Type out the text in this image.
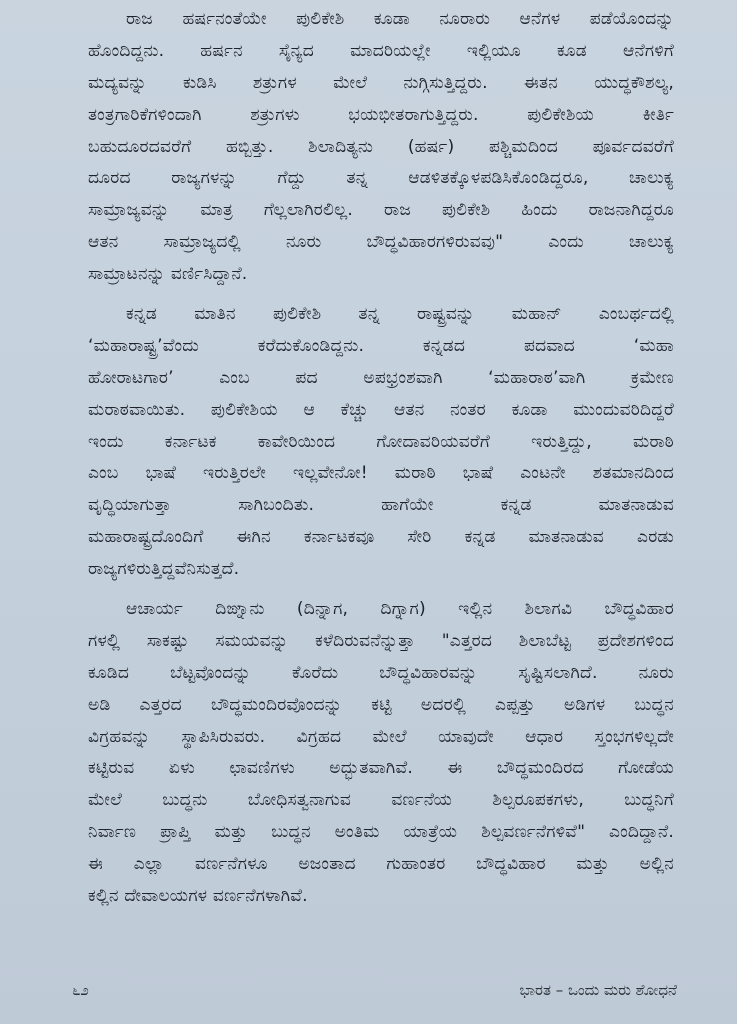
ರಾಜ ಹರ್ಷನಂತೆಯೇ ಪುಲಿಕೇಶಿ ಕೂಡಾ ನೂರಾರು ಆನೆಗಳ ಪಡೆಯೊಂದನ್ನು
ಹೊಂದಿದ್ದನು. ಹರ್ಷನ ಸೈನ್ಯದ ಮಾದರಿಯಲ್ಲೇ ಇಲ್ಲಿಯೂ ಕೂಡ ಆನೆಗಳಿಗೆ
ಮದ್ಯವನ್ನು ಕುಡಿಸಿ ಶತ್ರುಗಳ ಮೇಲೆ ನುಗ್ಗಿಸುತ್ತಿದ್ದರು. ಈತನ ಯುದ್ಧಕೌಶಲ್ಯ,
ತಂತ್ರಗಾರಿಕೆಗಳಿಂದಾಗಿ ಶತ್ರುಗಳು ಭಯಭೀತರಾಗುತ್ತಿದ್ದರು. ಪುಲಿಕೇಶಿಯ ಕೀರ್ತಿ
ಬಹುದೂರದವರೆಗೆ ಹಬ್ಬಿತ್ತು. ಶಿಲಾದಿತ್ಯನು (ಹರ್ಷ) ಪಶ್ಚಿಮದಿಂದ ಪೂರ್ವದವರೆಗೆ
ದೂರದ ರಾಜ್ಯಗಳನ್ನು ಗೆದ್ದು ತನ್ನ ಆಡಳಿತಕ್ಕೊಳಪಡಿಸಿಕೊಂಡಿದ್ದರೂ, ಚಾಲುಕ್ಯ
ಸಾಮ್ರಾಜ್ಯವನ್ನು ಮಾತ್ರ ಗೆಲ್ಲಲಾಗಿರಲಿಲ್ಲ. ರಾಜ ಪುಲಿಕೇಶಿ ಹಿಂದು ರಾಜನಾಗಿದ್ದರೂ
ಆತನ ಸಾಮ್ರಾಜ್ಯದಲ್ಲಿ ನೂರು ಬೌದ್ಧವಿಹಾರಗಳಿರುವವು" ಎಂದು ಚಾಲುಕ್ಯ
ಸಾಮ್ರಾಟನನ್ನು ವರ್ಣಿಸಿದ್ದಾನೆ.
ಕನ್ನಡ ಮಾತಿನ ಪುಲಿಕೇಶಿ ತನ್ನ ರಾಷ್ಟ್ರವನ್ನು ಮಹಾನ್ ಎಂಬರ್ಥದಲ್ಲಿ
‘ಮಹಾರಾಷ್ಟ್ರ’ವೆಂದು ಕರೆದುಕೊಂಡಿದ್ದನು. ಕನ್ನಡದ ಪದವಾದ ‘ಮಹಾ
ಹೋರಾಟಗಾರ’ ಎಂಬ ಪದ ಅಪಭ್ರಂಶವಾಗಿ ‘ಮಹಾರಾಠ’ವಾಗಿ ಕ್ರಮೇಣ
ಮರಾಠವಾಯಿತು. ಪುಲಿಕೇಶಿಯ ಆ ಕೆಚ್ಚು ಆತನ ನಂತರ ಕೂಡಾ ಮುಂದುವರಿದಿದ್ದರೆ
ಇಂದು ಕರ್ನಾಟಕ ಕಾವೇರಿಯಿಂದ ಗೋದಾವರಿಯವರೆಗೆ ಇರುತ್ತಿದ್ದು, ಮರಾಠಿ
ಎಂಬ ಭಾಷೆ ಇರುತ್ತಿರಲೇ ಇಲ್ಲವೇನೋ! ಮರಾಠಿ ಭಾಷೆ ಎಂಟನೇ ಶತಮಾನದಿಂದ
ವೃದ್ಧಿಯಾಗುತ್ತಾ ಸಾಗಿಬಂದಿತು. ಹಾಗೆಯೇ ಕನ್ನಡ ಮಾತನಾಡುವ
ಮಹಾರಾಷ್ಟ್ರದೊಂದಿಗೆ ಈಗಿನ ಕರ್ನಾಟಕವೂ ಸೇರಿ ಕನ್ನಡ ಮಾತನಾಡುವ ಎರಡು
ರಾಜ್ಯಗಳಿರುತ್ತಿದ್ದವೆನಿಸುತ್ತದೆ.
ಆಚಾರ್ಯ ದಿಙ್ನಾನು (ದಿನ್ನಾಗ, ದಿಗ್ನಾಗ) ಇಲ್ಲಿನ ಶಿಲಾಗವಿ ಬೌದ್ಧವಿಹಾರ
ಗಳಲ್ಲಿ ಸಾಕಷ್ಟು ಸಮಯವನ್ನು ಕಳೆದಿರುವನೆನ್ನುತ್ತಾ "ಎತ್ತರದ ಶಿಲಾಬೆಟ್ಟ ಪ್ರದೇಶಗಳಿಂದ
ಕೂಡಿದ ಬೆಟ್ಟವೊಂದನ್ನು ಕೊರೆದು ಬೌದ್ಧವಿಹಾರವನ್ನು ಸೃಷ್ಟಿಸಲಾಗಿದೆ. ನೂರು
ಅಡಿ ಎತ್ತರದ ಬೌದ್ಧಮಂದಿರವೊಂದನ್ನು ಕಟ್ಟಿ ಅದರಲ್ಲಿ ಎಪ್ಪತ್ತು ಅಡಿಗಳ ಬುದ್ಧನ
ವಿಗ್ರಹವನ್ನು ಸ್ಥಾಪಿಸಿರುವರು. ವಿಗ್ರಹದ ಮೇಲೆ ಯಾವುದೇ ಆಧಾರ ಸ್ತಂಭಗಳಿಲ್ಲದೇ
ಕಟ್ಟಿರುವ ಏಳು ಛಾವಣಿಗಳು ಅದ್ಭುತವಾಗಿವೆ. ಈ ಬೌದ್ಧಮಂದಿರದ ಗೋಡೆಯ
ಮೇಲೆ ಬುದ್ಧನು ಬೋಧಿಸತ್ವನಾಗುವ ವರ್ಣನೆಯ ಶಿಲ್ಪರೂಪಕಗಳು, ಬುದ್ಧನಿಗೆ
ನಿರ್ವಾಣ ಪ್ರಾಪ್ತಿ ಮತ್ತು ಬುದ್ಧನ ಅಂತಿಮ ಯಾತ್ರೆಯ ಶಿಲ್ಪವರ್ಣನೆಗಳಿವೆ" ಎಂದಿದ್ದಾನೆ.
ಈ ಎಲ್ಲಾ ವರ್ಣನೆಗಳೂ ಅಜಂತಾದ ಗುಹಾಂತರ ಬೌದ್ಧವಿಹಾರ ಮತ್ತು ಅಲ್ಲಿನ
ಕಲ್ಲಿನ ದೇವಾಲಯಗಳ ವರ್ಣನೆಗಳಾಗಿವೆ.
೬೨	ಭಾರತ – ಒಂದು ಮರು ಶೋಧನೆ
